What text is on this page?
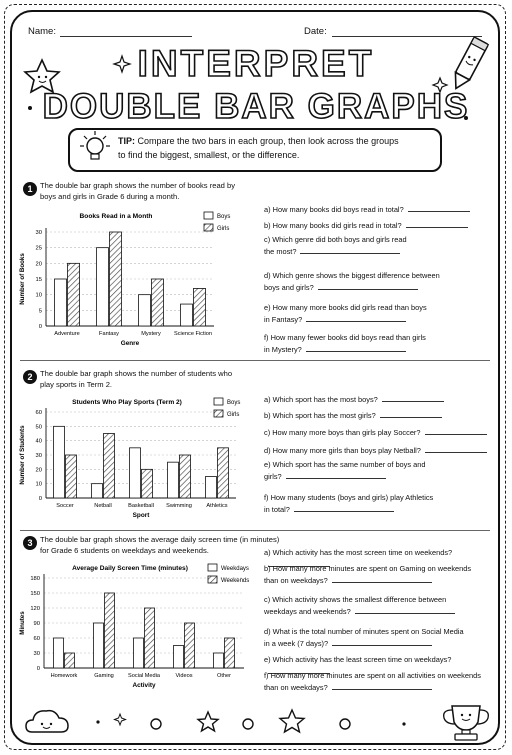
Name:	Date:
INTERPRET
DOUBLE BAR GRAPHS
TIP: Compare the two bars in each group, then look across the groups
to find the biggest, smallest, or the difference.
1 The double bar graph shows the number of books read by
boys and girls in Grade 6 during a month.
Books Read in a Month
0
5
10
15
20
25
30
Number of Books
Genre
Adventure	Fantasy	Mystery Science Fiction
Boys
Girls
a) How many books did boys read in total?
b) How many books did girls read in total?
c) Which genre did both boys and girls read
the most?
d) Which genre shows the biggest difference between
boys and girls?
e) How many more books did girls read than boys
in Fantasy?
f) How many fewer books did boys read than girls
in Mystery?
2 The double bar graph shows the number of students who
play sports in Term 2.
Students Who Play Sports (Term 2)
0
10
20
30
40
50
60
Number of Students
Sport
Soccer	Netball	Basketball Swimming	Athletics
Boys
Girls
a) Which sport has the most boys?
b) Which sport has the most girls?
c) How many more boys than girls play Soccer?
d) How many more girls than boys play Netball?
e) Which sport has the same number of boys and
girls?
f) How many students (boys and girls) play Athletics
in total?
3 The double bar graph shows the average daily screen time (in minutes)
for Grade 6 students on weekdays and weekends.
Average Daily Screen Time (minutes)
0
30
60
90
120
150
180
Minutes
Activity
Homework	Gaming	Social Media	Videos	Other
Weekdays
Weekends
a) Which activity has the most screen time on weekends?
b) How many more minutes are spent on Gaming on weekends
than on weekdays?
c) Which activity shows the smallest difference between
weekdays and weekends?
d) What is the total number of minutes spent on Social Media
in a week (7 days)?
e) Which activity has the least screen time on weekdays?
f) How many more minutes are spent on all activities on weekends
than on weekdays?
